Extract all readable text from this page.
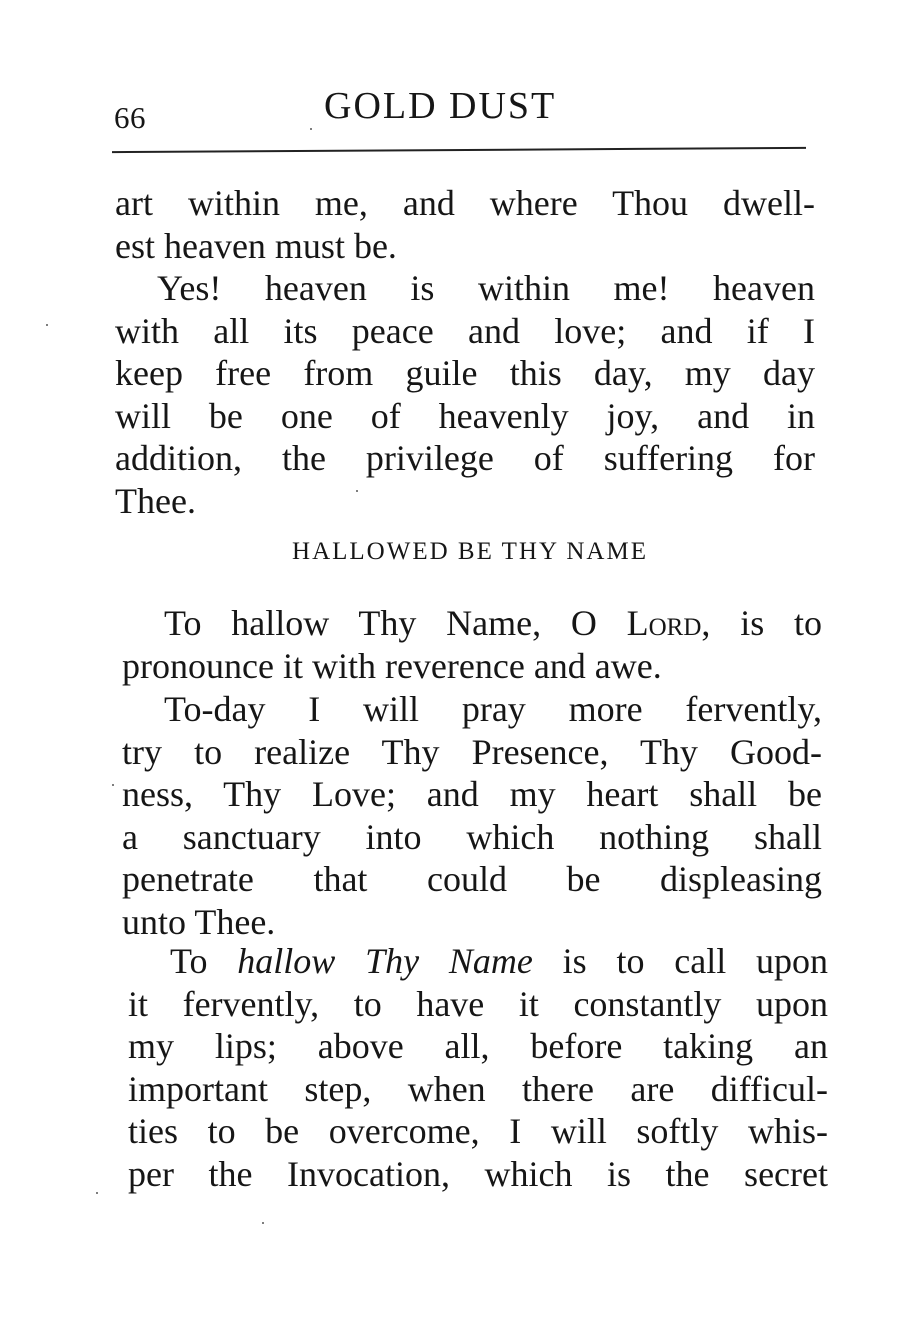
66	GOLD DUST
art within me, and where Thou dwell-
est heaven must be.
Yes! heaven is within me! heaven
with all its peace and love; and if I
keep free from guile this day, my day
will be one of heavenly joy, and in
addition, the privilege of suffering for
Thee.
HALLOWED BE THY NAME
To hallow Thy Name, O Lord, is to
pronounce it with reverence and awe.
To-day I will pray more fervently,
try to realize Thy Presence, Thy Good-
ness, Thy Love; and my heart shall be
a sanctuary into which nothing shall
penetrate that could be displeasing
unto Thee.
To hallow Thy Name is to call upon
it fervently, to have it constantly upon
my lips; above all, before taking an
important step, when there are difficul-
ties to be overcome, I will softly whis-
per the Invocation, which is the secret
